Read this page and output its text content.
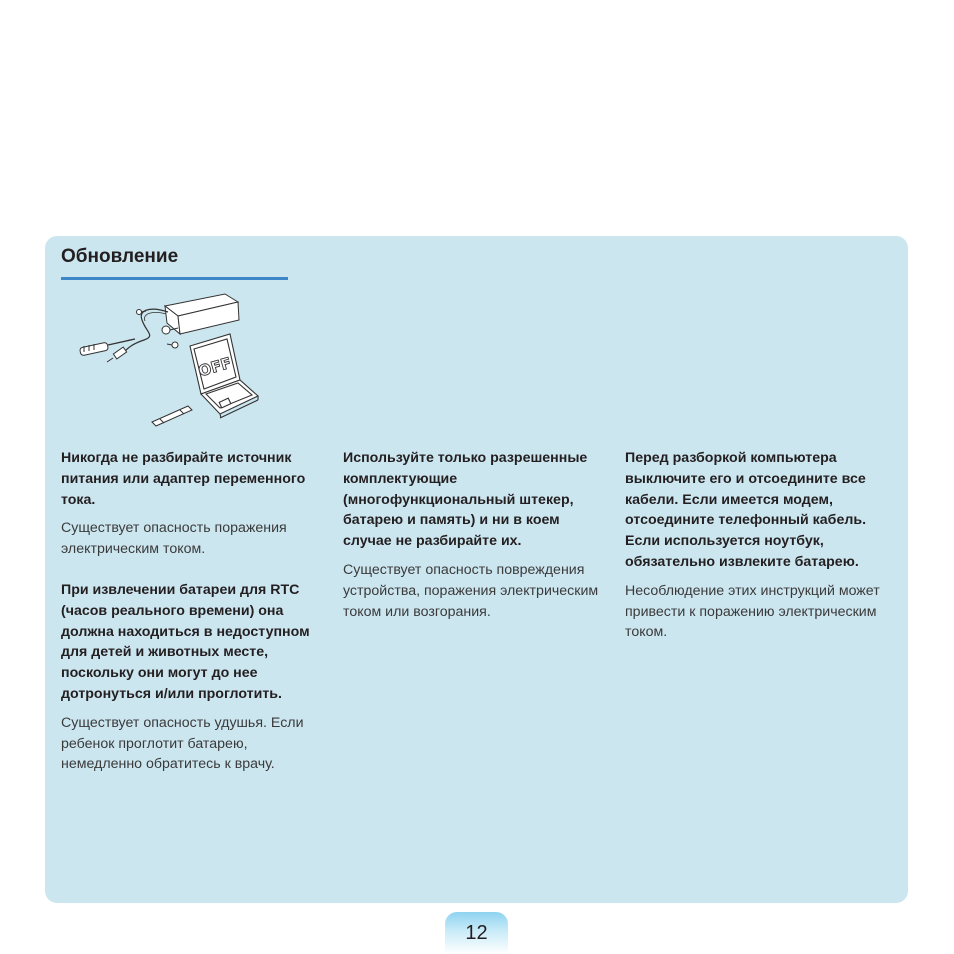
Обновление
OFF

Никогда не разбирайте источник питания или адаптер переменного тока.

Существует опасность поражения электрическим током.

При извлечении батареи для RTC (часов реального времени) она должна находиться в недоступном для детей и животных месте, поскольку они могут до нее дотронуться и/или проглотить.

Существует опасность удушья. Если ребенок проглотит батарею, немедленно обратитесь к врачу.

Используйте только разрешенные комплектующие (многофункциональный штекер, батарею и память) и ни в коем случае не разбирайте их.

Существует опасность повреждения устройства, поражения электрическим током или возгорания.

Перед разборкой компьютера выключите его и отсоедините все кабели. Если имеется модем, отсоедините телефонный кабель. Если используется ноутбук, обязательно извлеките батарею.

Несоблюдение этих инструкций может привести к поражению электрическим током.

12
